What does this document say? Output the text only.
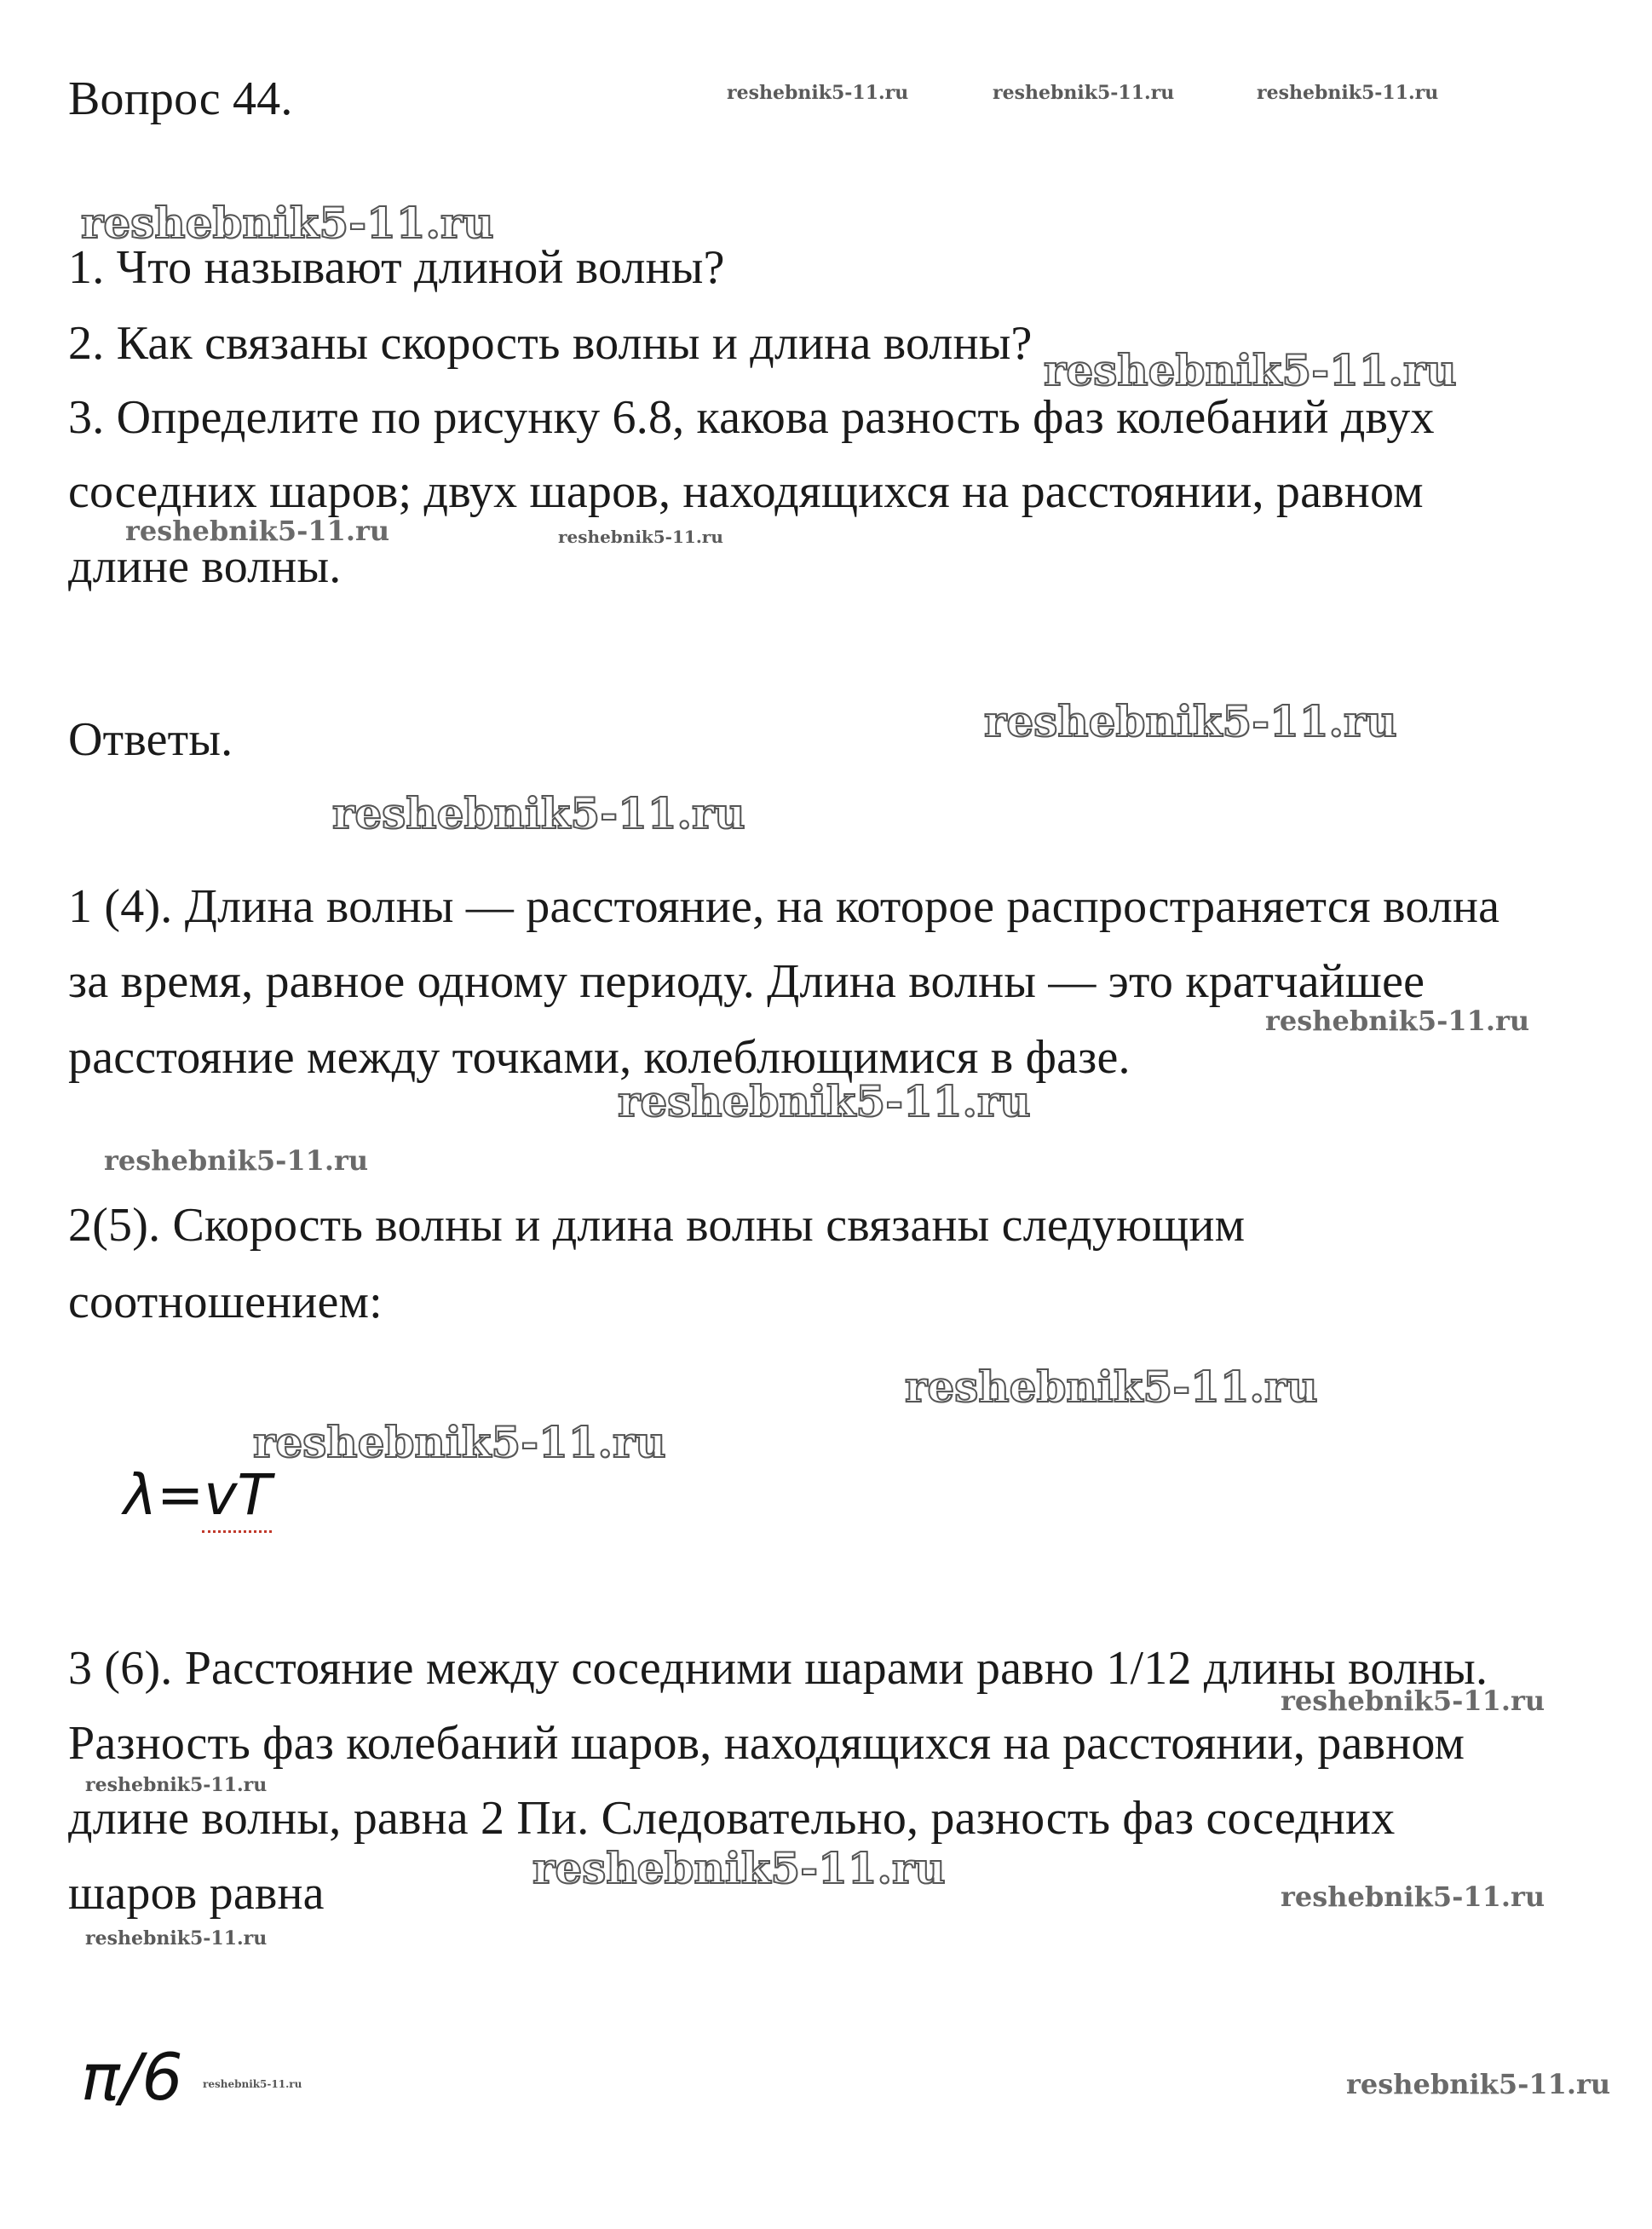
Вопрос 44.
1. Что называют длиной волны?
2. Как связаны скорость волны и длина волны?
3. Определите по рисунку 6.8, какова разность фаз колебаний двух
соседних шаров; двух шаров, находящихся на расстоянии, равном
длине волны.
Ответы.
1 (4). Длина волны — расстояние, на которое распространяется волна
за время, равное одному периоду. Длина волны — это кратчайшее
расстояние между точками, колеблющимися в фазе.
2(5). Скорость волны и длина волны связаны следующим
соотношением:
λ=vT
3 (6). Расстояние между соседними шарами равно 1/12 длины волны.
Разность фаз колебаний шаров, находящихся на расстоянии, равном
длине волны, равна 2 Пи. Следовательно, разность фаз соседних
шаров равна
π/6
reshebnik5-11.ru	reshebnik5-11.ru	reshebnik5-11.ru
reshebnik5-11.ru
reshebnik5-11.ru
reshebnik5-11.ru	reshebnik5-11.ru
reshebnik5-11.ru
reshebnik5-11.ru
reshebnik5-11.ru
reshebnik5-11.ru
reshebnik5-11.ru
reshebnik5-11.ru
reshebnik5-11.ru
reshebnik5-11.ru
reshebnik5-11.ru
reshebnik5-11.ru
reshebnik5-11.ru
reshebnik5-11.ru
reshebnik5-11.ru	reshebnik5-11.ru
